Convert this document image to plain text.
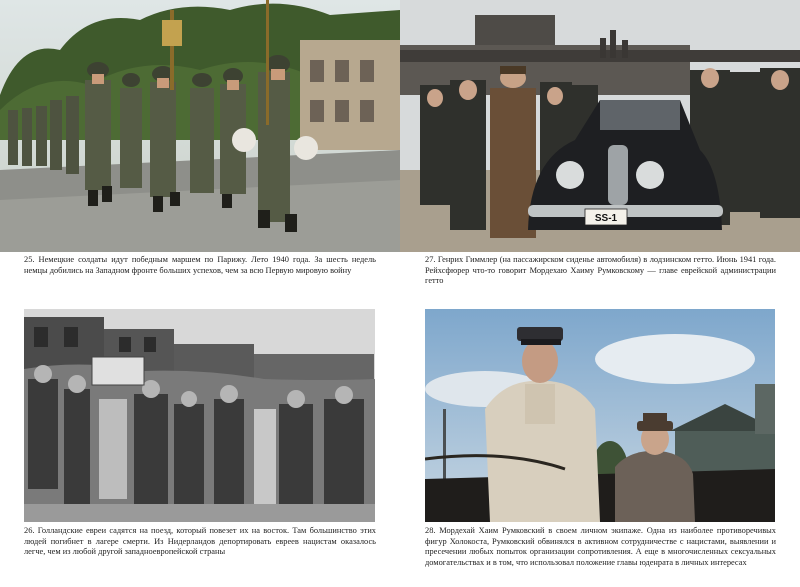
SS-1

25. Немецкие солдаты идут победным маршем по Парижу. Лето 1940 года. За шесть недель немцы добились на Западном фронте больших успехов, чем за всю Первую мировую войну

27. Генрих Гиммлер (на пассажирском сиденье автомобиля) в лодзинском гетто. Июнь 1941 года. Рейхсфюрер что-то говорит Мордехаю Хаиму Румковскому — главе еврейской администрации гетто

26. Голландские евреи садятся на поезд, который повезет их на восток. Там большинство этих людей погибнет в лагере смерти. Из Нидерландов депортировать евреев нацистам оказалось легче, чем из любой другой западноевропейской страны

28. Мордехай Хаим Румковский в своем личном экипаже. Одна из наиболее противоречивых фигур Холокоста, Румковский обвинялся в активном сотрудничестве с нацистами, выявлении и пресечении любых попыток организации сопротивления. А еще в многочисленных сексуальных домогательствах и в том, что использовал положение главы юденрата в личных интересах
